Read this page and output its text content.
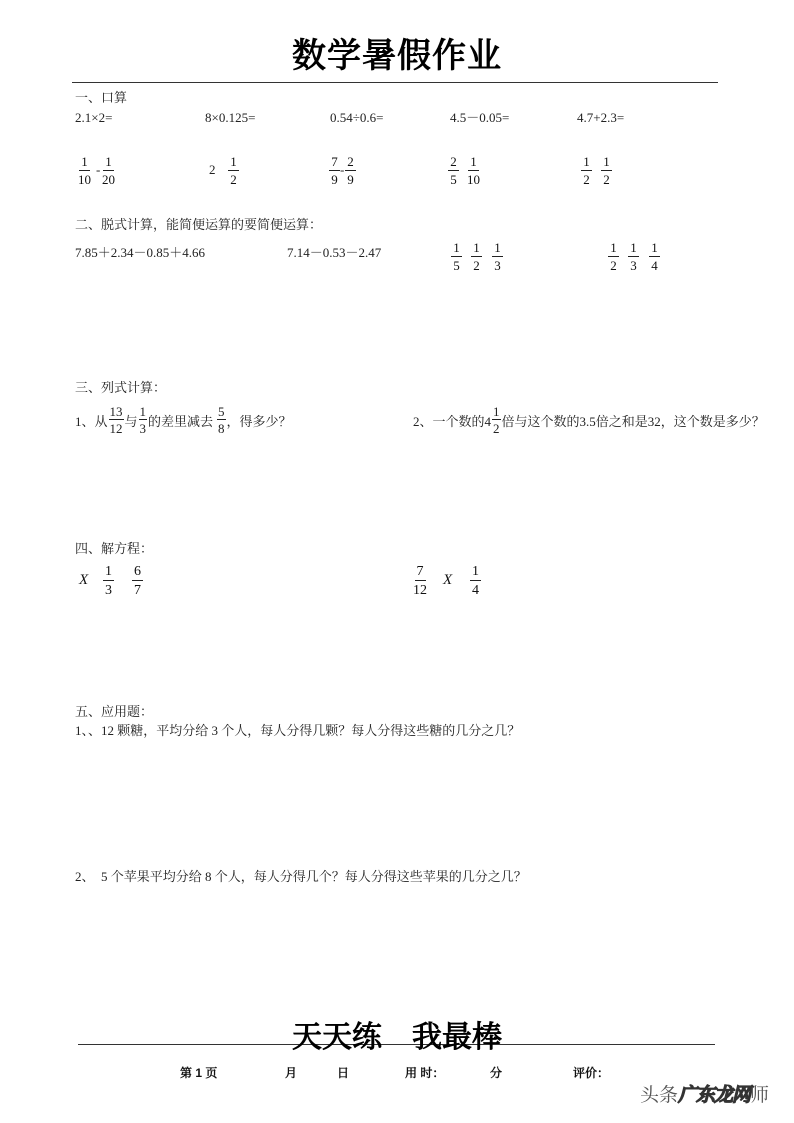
数学暑假作业
一、口算
2.1×2=	8×0.125=	0.54÷0.6=	4.5－0.05=	4.7+2.3=
$\frac{1}{10} - \frac{1}{20}$	$2 \frac{1}{2}$	$\frac{7}{9} - \frac{2}{9}$	$\frac{2}{5} \frac{1}{10}$	$\frac{1}{2} \frac{1}{2}$
二、脱式计算，能简便运算的要简便运算：
7.85＋2.34－0.85＋4.66	7.14－0.53－2.47	$\frac{1}{5} \frac{1}{2} \frac{1}{3}$	$\frac{1}{2} \frac{1}{3} \frac{1}{4}$
三、列式计算：
1、从 $\frac{13}{12}$ 与 $\frac{1}{3}$ 的差里减去 $\frac{5}{8}$ ，得多少？	2、一个数的$4 \frac{1}{2}$ 倍与这个数的3.5倍之和是32，这个数是多少？
四、解方程：
X $\frac{1}{3} \frac{6}{7}$	$\frac{7}{12}$ X $\frac{1}{4}$
五、应用题：
1、、12 颗糖，平均分给 3 个人，每人分得几颗？每人分得这些糖的几分之几？
2、　5 个苹果平均分给 8 个人，每人分得几个？每人分得这些苹果的几分之几？
天天练　我最棒
第 1 页	月	日	用 时：	分	评价：
头条广东龙网师
